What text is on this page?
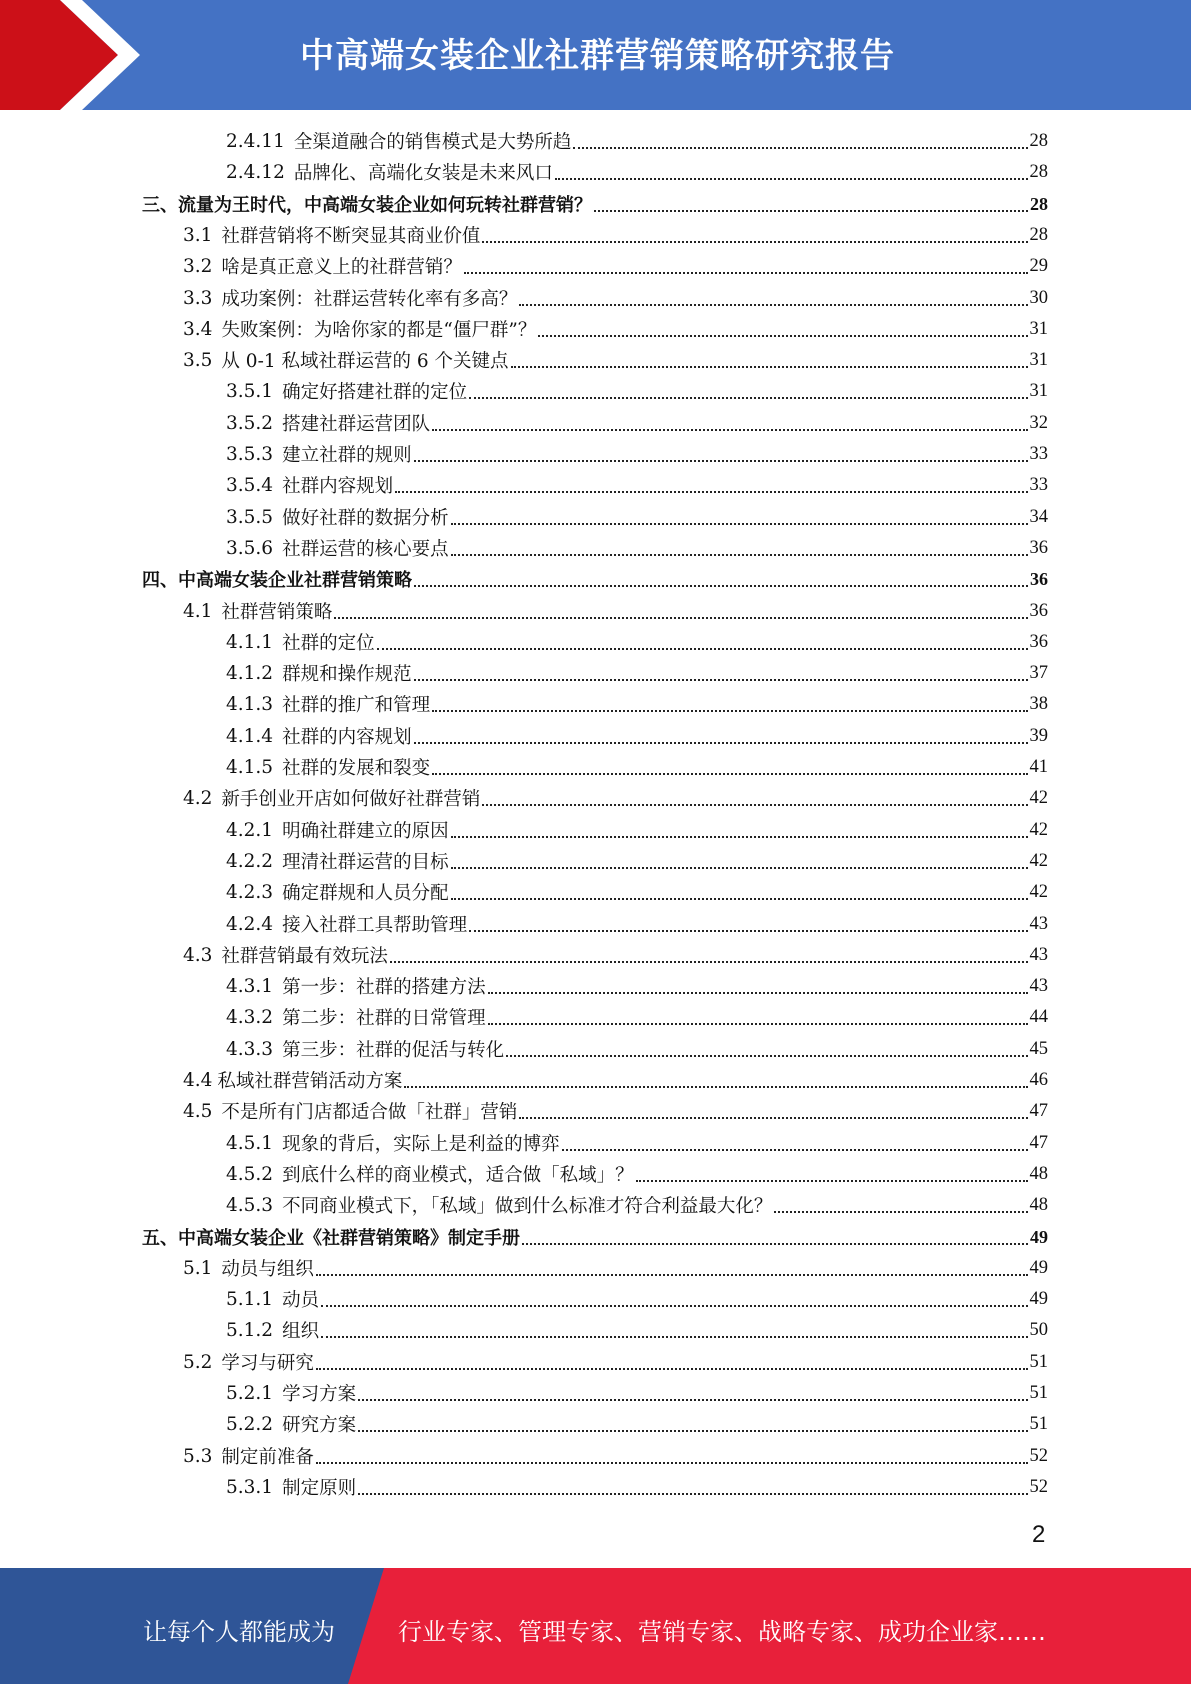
中高端女装企业社群营销策略研究报告
2.4.11 全渠道融合的销售模式是大势所趋	28
2.4.12 品牌化、高端化女装是未来风口	28
三、流量为王时代，中高端女装企业如何玩转社群营销？	28
3.1 社群营销将不断突显其商业价值	28
3.2 啥是真正意义上的社群营销？	29
3.3 成功案例：社群运营转化率有多高？	30
3.4 失败案例：为啥你家的都是“僵尸群”？	31
3.5 从 0-1 私域社群运营的 6 个关键点	31
3.5.1 确定好搭建社群的定位	31
3.5.2 搭建社群运营团队	32
3.5.3 建立社群的规则	33
3.5.4 社群内容规划	33
3.5.5 做好社群的数据分析	34
3.5.6 社群运营的核心要点	36
四、中高端女装企业社群营销策略	36
4.1 社群营销策略	36
4.1.1 社群的定位	36
4.1.2 群规和操作规范	37
4.1.3 社群的推广和管理	38
4.1.4 社群的内容规划	39
4.1.5 社群的发展和裂变	41
4.2 新手创业开店如何做好社群营销	42
4.2.1 明确社群建立的原因	42
4.2.2 理清社群运营的目标	42
4.2.3 确定群规和人员分配	42
4.2.4 接入社群工具帮助管理	43
4.3 社群营销最有效玩法	43
4.3.1 第一步：社群的搭建方法	43
4.3.2 第二步：社群的日常管理	44
4.3.3 第三步：社群的促活与转化	45
4.4 私域社群营销活动方案	46
4.5 不是所有门店都适合做「社群」营销	47
4.5.1 现象的背后，实际上是利益的博弈	47
4.5.2 到底什么样的商业模式，适合做「私域」？	48
4.5.3 不同商业模式下，「私域」做到什么标准才符合利益最大化？	48
五、中高端女装企业《社群营销策略》制定手册	49
5.1 动员与组织	49
5.1.1 动员	49
5.1.2 组织	50
5.2 学习与研究	51
5.2.1 学习方案	51
5.2.2 研究方案	51
5.3 制定前准备	52
5.3.1 制定原则	52
2
让每个人都能成为	行业专家、管理专家、营销专家、战略专家、成功企业家……
